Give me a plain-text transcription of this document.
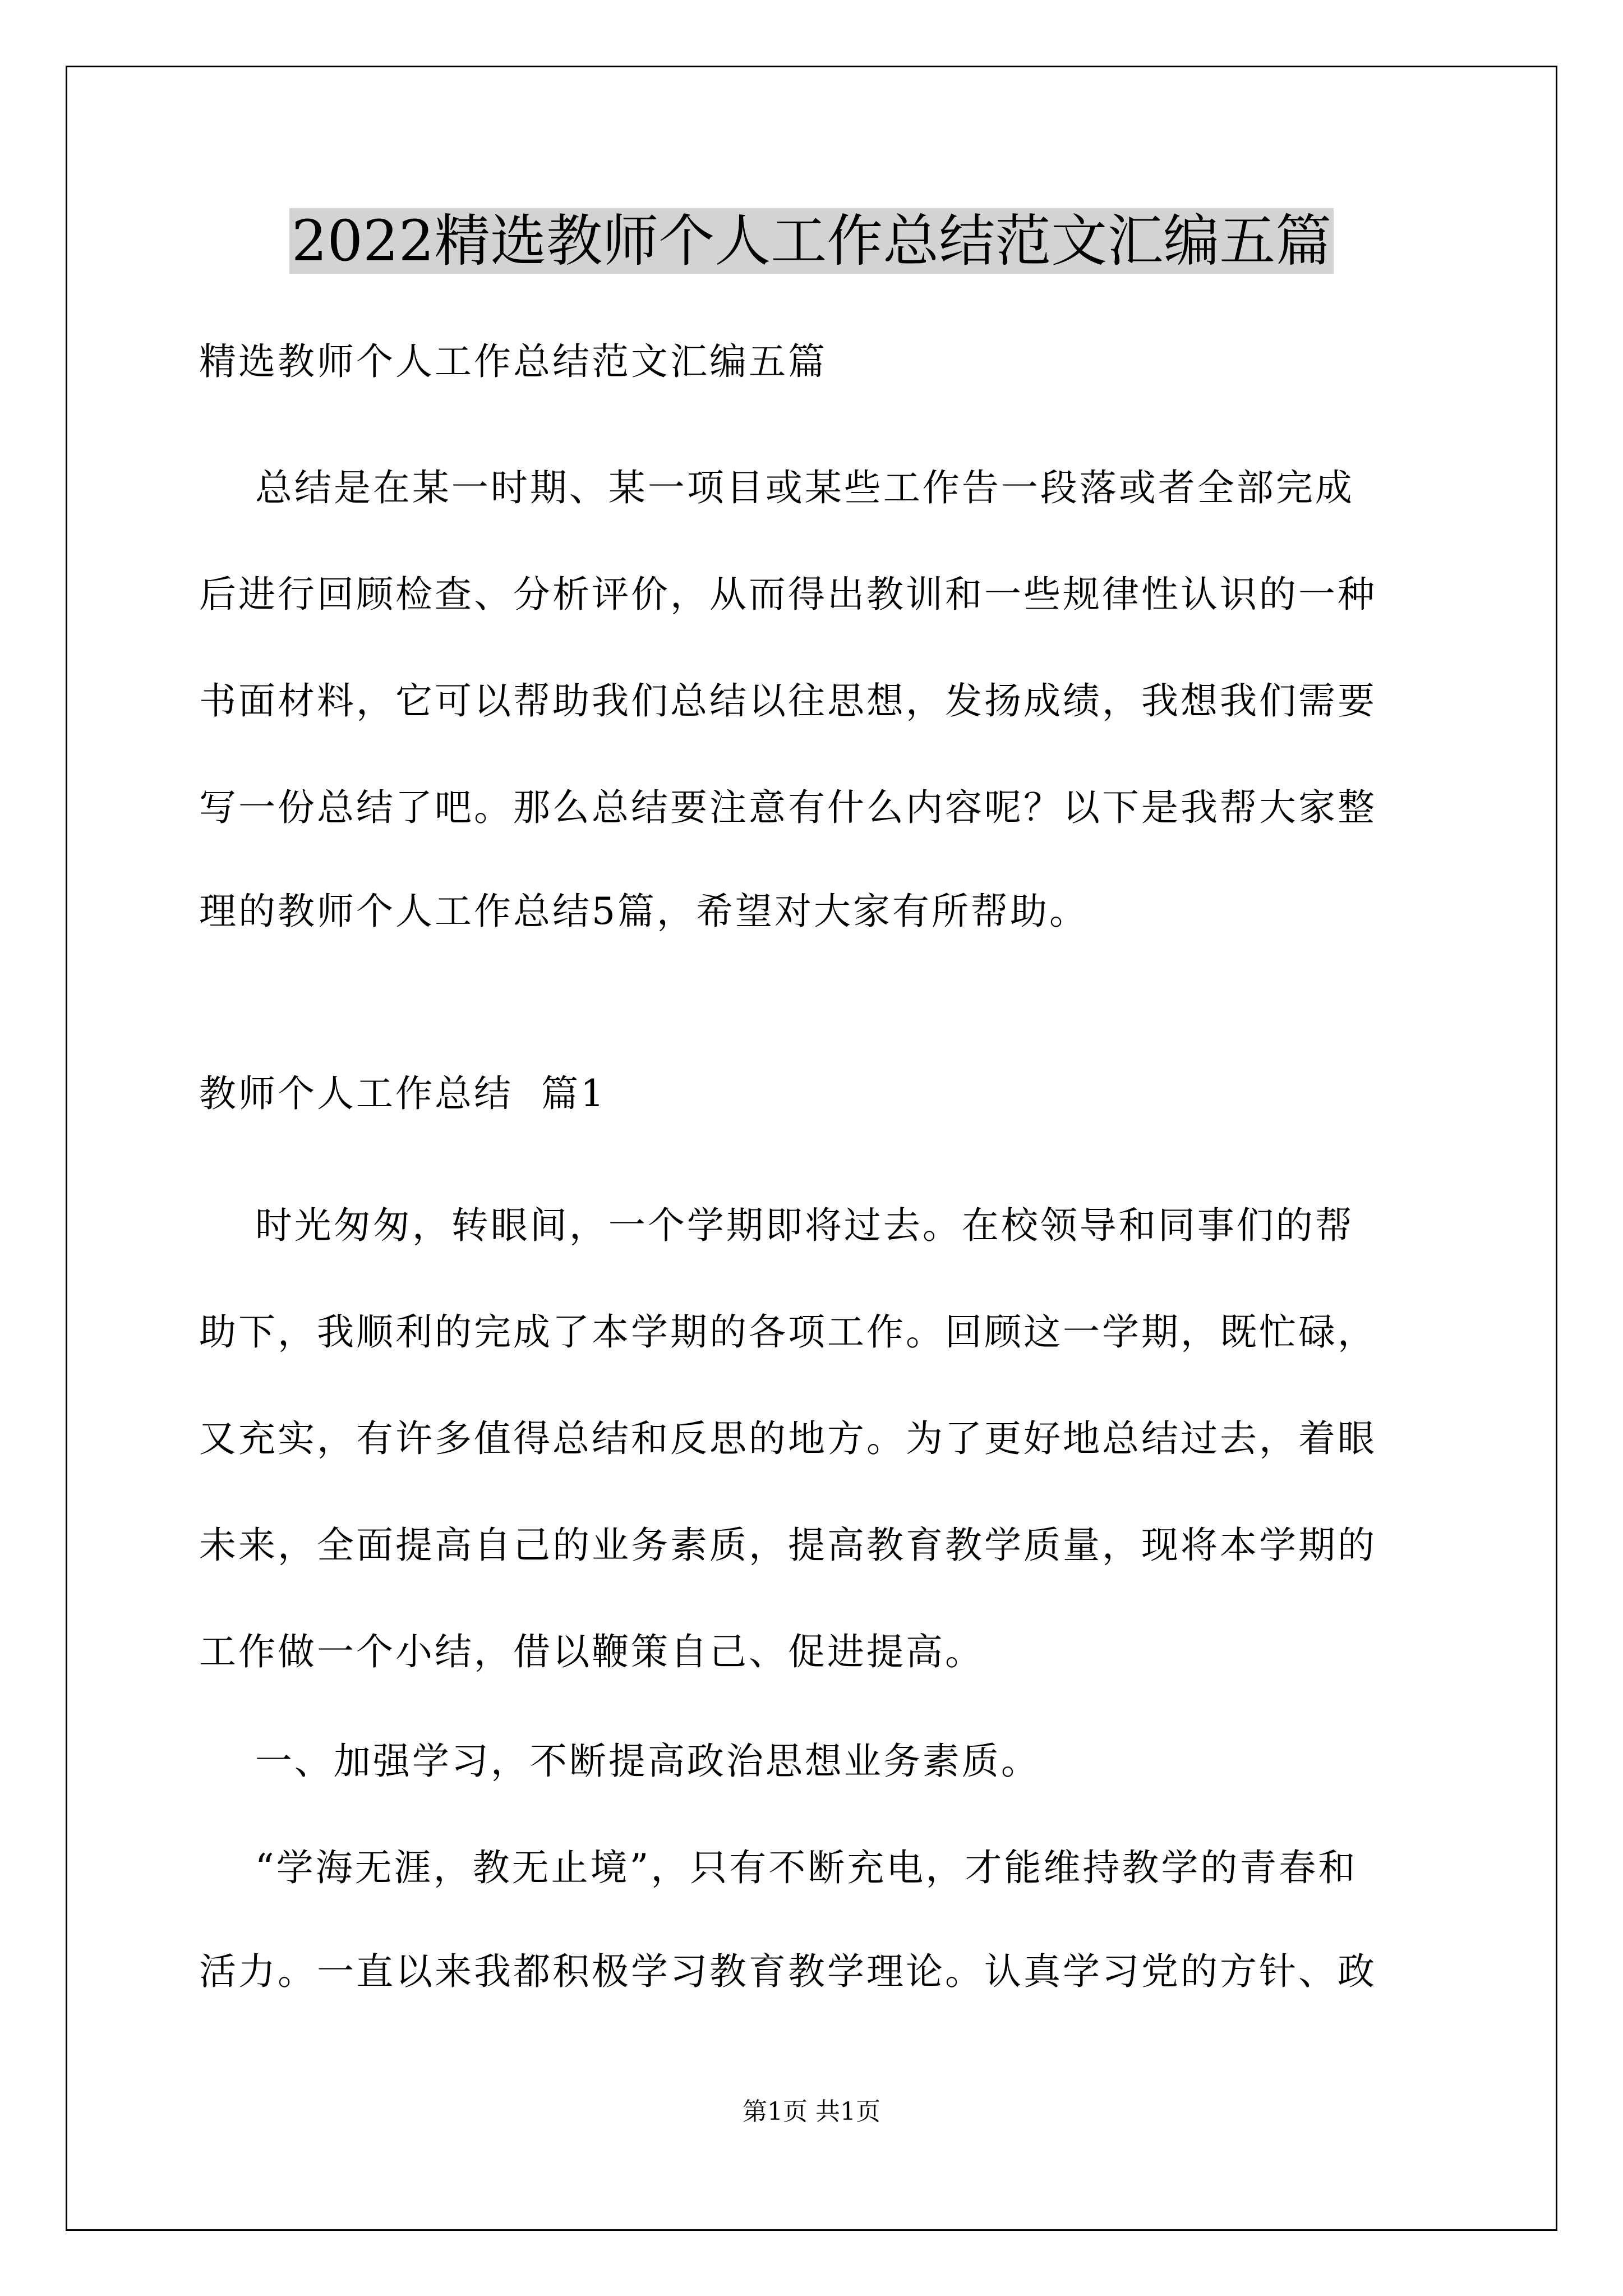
2022精选教师个人工作总结范文汇编五篇
精选教师个人工作总结范文汇编五篇
总结是在某一时期、某一项目或某些工作告一段落或者全部完成
后进行回顾检查、分析评价，从而得出教训和一些规律性认识的一种
书面材料，它可以帮助我们总结以往思想，发扬成绩，我想我们需要
写一份总结了吧。那么总结要注意有什么内容呢？以下是我帮大家整
理的教师个人工作总结5篇，希望对大家有所帮助。
教师个人工作总结  篇1
时光匆匆，转眼间，一个学期即将过去。在校领导和同事们的帮
助下，我顺利的完成了本学期的各项工作。回顾这一学期，既忙碌，
又充实，有许多值得总结和反思的地方。为了更好地总结过去，着眼
未来，全面提高自己的业务素质，提高教育教学质量，现将本学期的
工作做一个小结，借以鞭策自己、促进提高。
一、加强学习，不断提高政治思想业务素质。
“学海无涯，教无止境”，只有不断充电，才能维持教学的青春和
活力。一直以来我都积极学习教育教学理论。认真学习党的方针、政
第1页 共1页
